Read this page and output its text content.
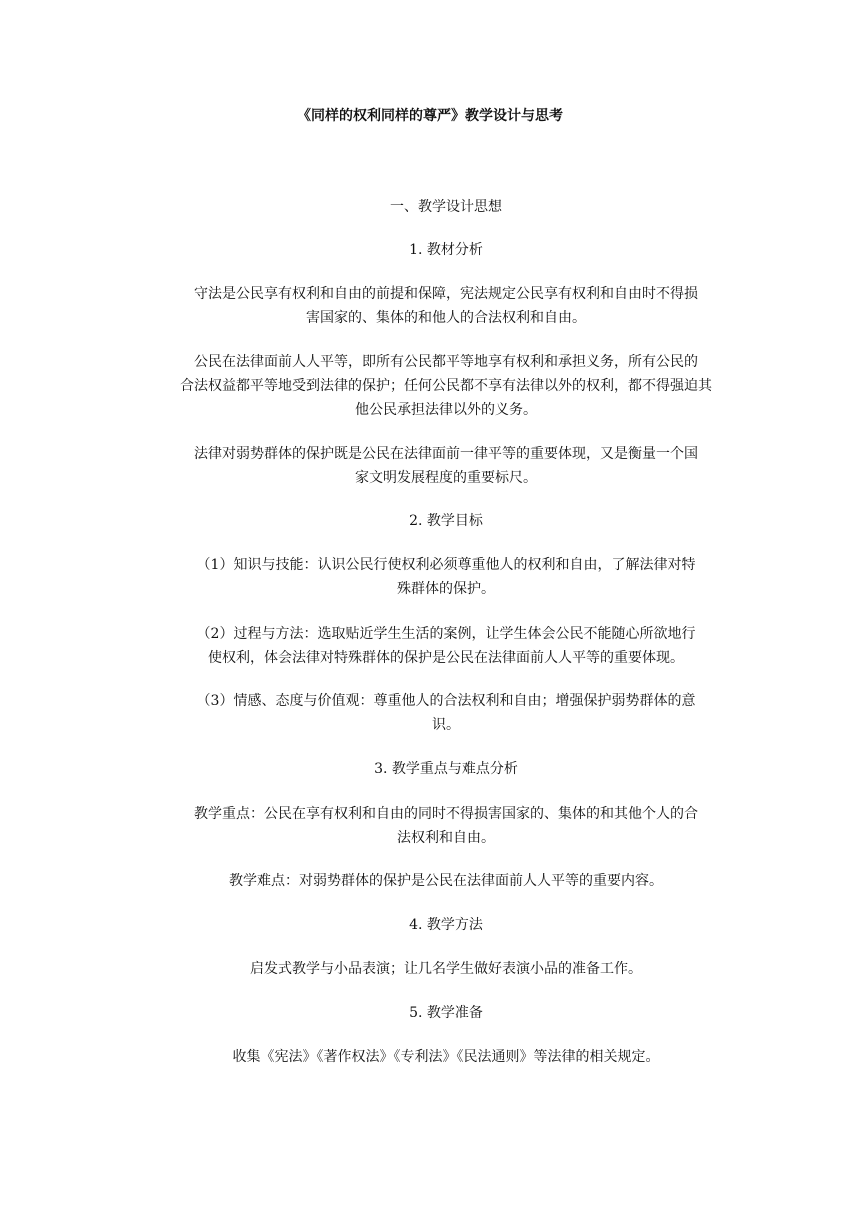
《同样的权利同样的尊严》教学设计与思考
一、教学设计思想
1. 教材分析
守法是公民享有权利和自由的前提和保障，宪法规定公民享有权利和自由时不得损
害国家的、集体的和他人的合法权利和自由。
公民在法律面前人人平等，即所有公民都平等地享有权利和承担义务，所有公民的
合法权益都平等地受到法律的保护；任何公民都不享有法律以外的权利，都不得强迫其
他公民承担法律以外的义务。
法律对弱势群体的保护既是公民在法律面前一律平等的重要体现，又是衡量一个国
家文明发展程度的重要标尺。
2. 教学目标
（1）知识与技能：认识公民行使权利必须尊重他人的权利和自由，了解法律对特
殊群体的保护。
（2）过程与方法：选取贴近学生生活的案例，让学生体会公民不能随心所欲地行
使权利，体会法律对特殊群体的保护是公民在法律面前人人平等的重要体现。
（3）情感、态度与价值观：尊重他人的合法权利和自由；增强保护弱势群体的意
识。
3. 教学重点与难点分析
教学重点：公民在享有权利和自由的同时不得损害国家的、集体的和其他个人的合
法权利和自由。
教学难点：对弱势群体的保护是公民在法律面前人人平等的重要内容。
4. 教学方法
启发式教学与小品表演；让几名学生做好表演小品的准备工作。
5. 教学准备
收集《宪法》《著作权法》《专利法》《民法通则》等法律的相关规定。
